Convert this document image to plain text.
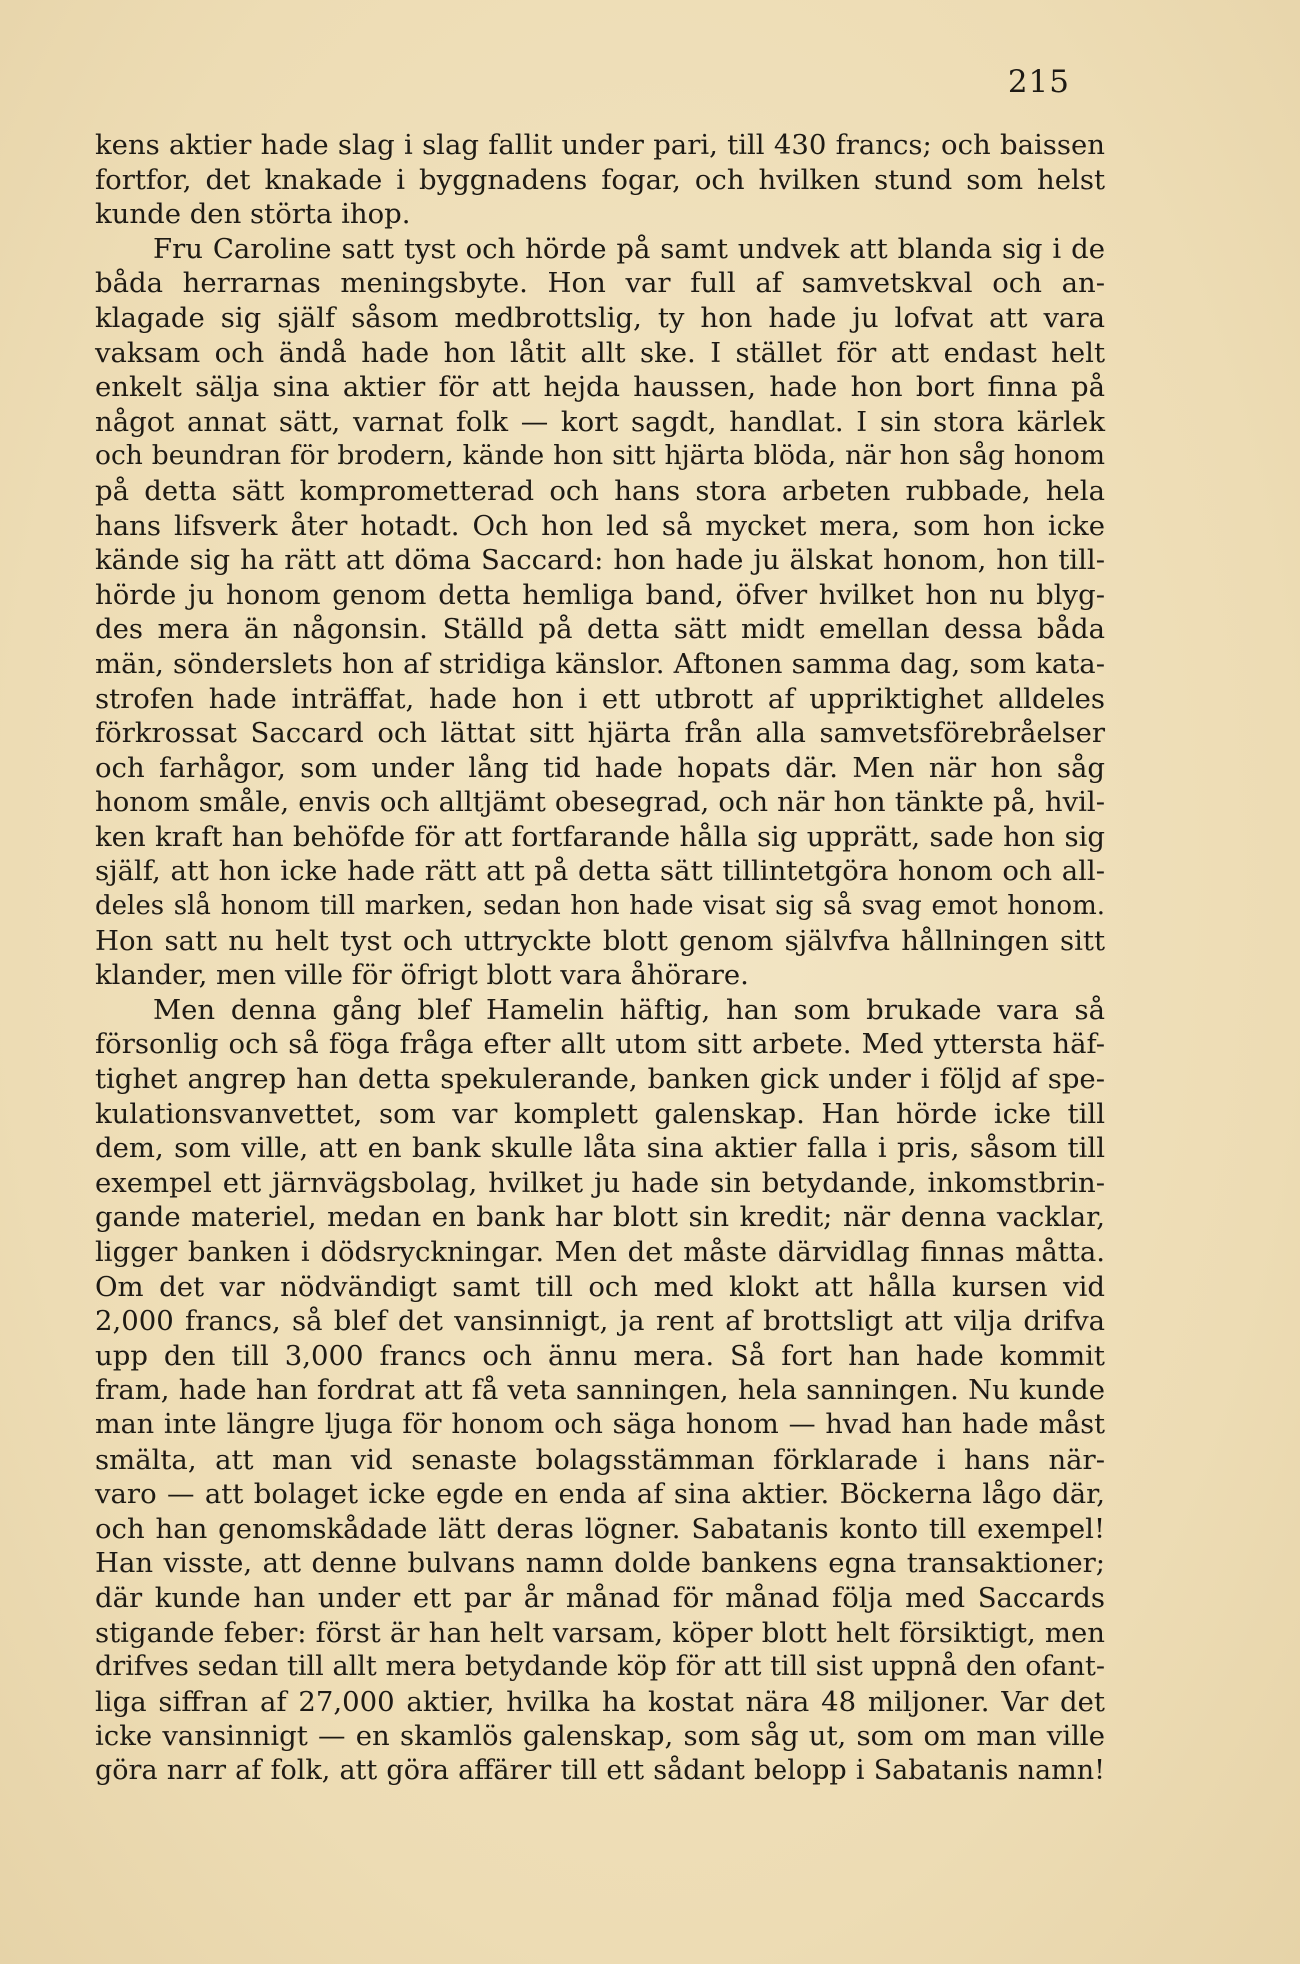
215
kens aktier hade slag i slag fallit under pari, till 430 francs; och baissen
fortfor, det knakade i byggnadens fogar, och hvilken stund som helst
kunde den störta ihop.
Fru Caroline satt tyst och hörde på samt undvek att blanda sig i de
båda herrarnas meningsbyte. Hon var full af samvetskval och an-
klagade sig själf såsom medbrottslig, ty hon hade ju lofvat att vara
vaksam och ändå hade hon låtit allt ske. I stället för att endast helt
enkelt sälja sina aktier för att hejda haussen, hade hon bort finna på
något annat sätt, varnat folk — kort sagdt, handlat. I sin stora kärlek
och beundran för brodern, kände hon sitt hjärta blöda, när hon såg honom
på detta sätt komprometterad och hans stora arbeten rubbade, hela
hans lifsverk åter hotadt. Och hon led så mycket mera, som hon icke
kände sig ha rätt att döma Saccard: hon hade ju älskat honom, hon till-
hörde ju honom genom detta hemliga band, öfver hvilket hon nu blyg-
des mera än någonsin. Ställd på detta sätt midt emellan dessa båda
män, sönderslets hon af stridiga känslor. Aftonen samma dag, som kata-
strofen hade inträffat, hade hon i ett utbrott af uppriktighet alldeles
förkrossat Saccard och lättat sitt hjärta från alla samvetsförebråelser
och farhågor, som under lång tid hade hopats där. Men när hon såg
honom småle, envis och alltjämt obesegrad, och när hon tänkte på, hvil-
ken kraft han behöfde för att fortfarande hålla sig upprätt, sade hon sig
själf, att hon icke hade rätt att på detta sätt tillintetgöra honom och all-
deles slå honom till marken, sedan hon hade visat sig så svag emot honom.
Hon satt nu helt tyst och uttryckte blott genom självfva hållningen sitt
klander, men ville för öfrigt blott vara åhörare.
Men denna gång blef Hamelin häftig, han som brukade vara så
försonlig och så föga fråga efter allt utom sitt arbete. Med yttersta häf-
tighet angrep han detta spekulerande, banken gick under i följd af spe-
kulationsvanvettet, som var komplett galenskap. Han hörde icke till
dem, som ville, att en bank skulle låta sina aktier falla i pris, såsom till
exempel ett järnvägsbolag, hvilket ju hade sin betydande, inkomstbrin-
gande materiel, medan en bank har blott sin kredit; när denna vacklar,
ligger banken i dödsryckningar. Men det måste därvidlag finnas måtta.
Om det var nödvändigt samt till och med klokt att hålla kursen vid
2,000 francs, så blef det vansinnigt, ja rent af brottsligt att vilja drifva
upp den till 3,000 francs och ännu mera. Så fort han hade kommit
fram, hade han fordrat att få veta sanningen, hela sanningen. Nu kunde
man inte längre ljuga för honom och säga honom — hvad han hade måst
smälta, att man vid senaste bolagsstämman förklarade i hans när-
varo — att bolaget icke egde en enda af sina aktier. Böckerna lågo där,
och han genomskådade lätt deras lögner. Sabatanis konto till exempel!
Han visste, att denne bulvans namn dolde bankens egna transaktioner;
där kunde han under ett par år månad för månad följa med Saccards
stigande feber: först är han helt varsam, köper blott helt försiktigt, men
drifves sedan till allt mera betydande köp för att till sist uppnå den ofant-
liga siffran af 27,000 aktier, hvilka ha kostat nära 48 miljoner. Var det
icke vansinnigt — en skamlös galenskap, som såg ut, som om man ville
göra narr af folk, att göra affärer till ett sådant belopp i Sabatanis namn!
